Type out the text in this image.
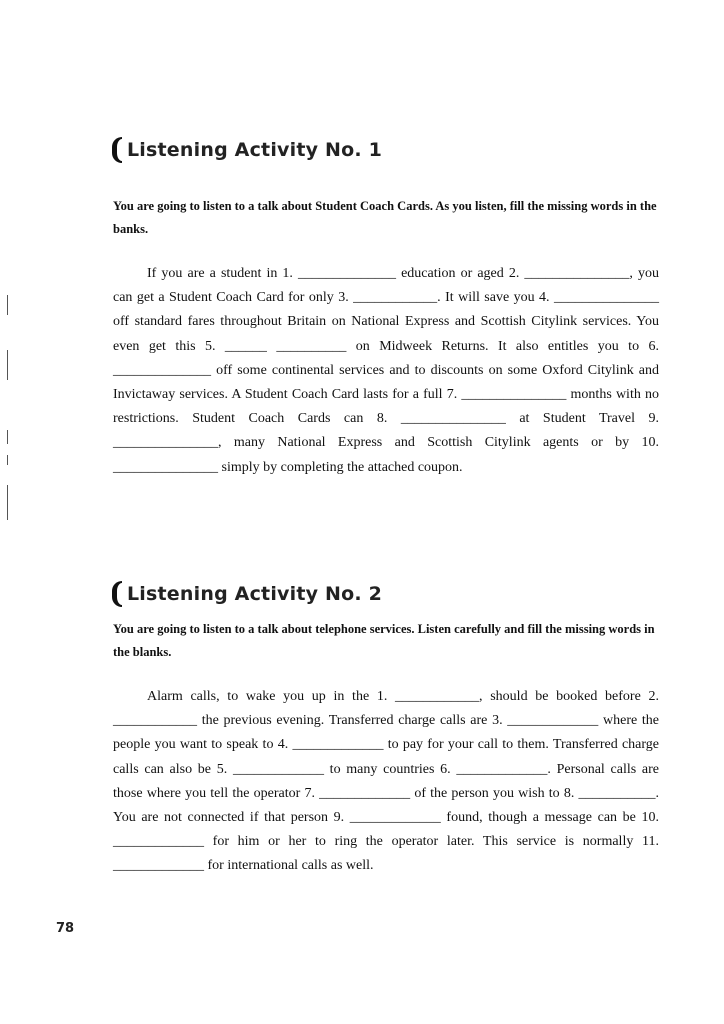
Listening Activity No. 1
You are going to listen to a talk about Student Coach Cards. As you listen, fill the missing words in the banks.

If you are a student in 1. ______________ education or aged 2. _______________, you can get a Student Coach Card for only 3. ____________. It will save you 4. _______________ off standard fares throughout Britain on National Express and Scottish Citylink services. You even get this 5. ______ __________ on Midweek Returns. It also entitles you to 6. ______________ off some continental services and to discounts on some Oxford Citylink and Invictaway services. A Student Coach Card lasts for a full 7. _______________ months with no restrictions. Student Coach Cards can 8. _______________ at Student Travel 9. _______________, many National Express and Scottish Citylink agents or by 10. _______________ simply by completing the attached coupon.

Listening Activity No. 2
You are going to listen to a talk about telephone services. Listen carefully and fill the missing words in the blanks.

Alarm calls, to wake you up in the 1. ____________, should be booked before 2. ____________ the previous evening. Transferred charge calls are 3. _____________ where the people you want to speak to 4. _____________ to pay for your call to them. Transferred charge calls can also be 5. _____________ to many countries 6. _____________. Personal calls are those where you tell the operator 7. _____________ of the person you wish to 8. ___________. You are not connected if that person 9. _____________ found, though a message can be 10. _____________ for him or her to ring the operator later. This service is normally 11. _____________ for international calls as well.

78
